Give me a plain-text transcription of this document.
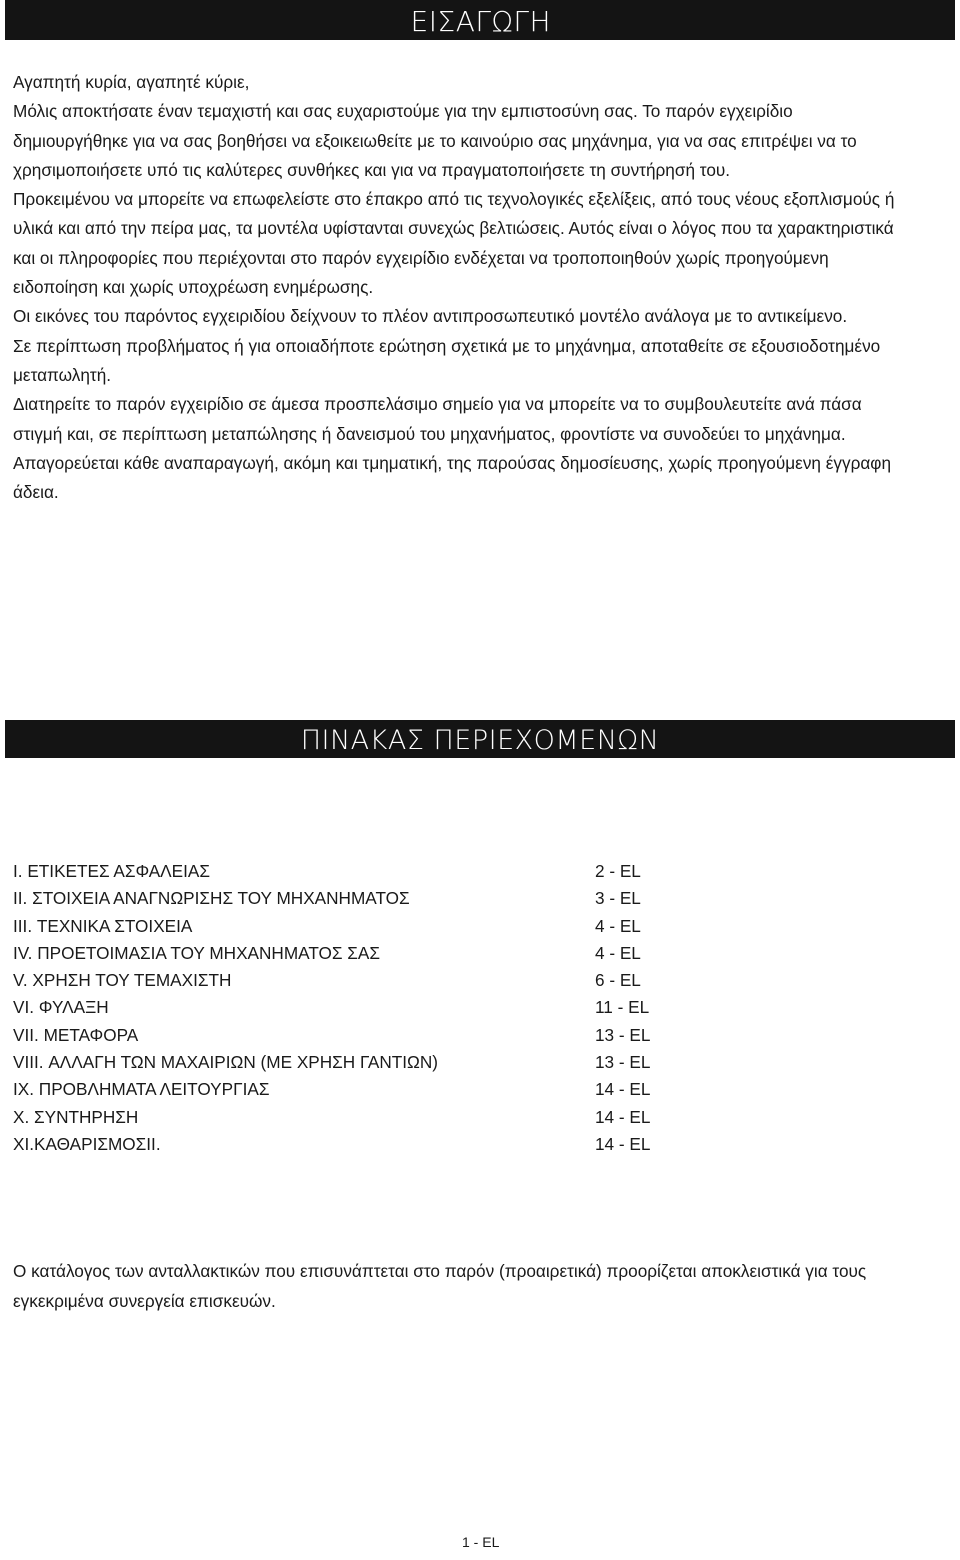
ΕΙΣΑΓΩΓΗ

Αγαπητή κυρία, αγαπητέ κύριε,

Μόλις αποκτήσατε έναν τεμαχιστή και σας ευχαριστούμε για την εμπιστοσύνη σας. Το παρόν εγχειρίδιο δημιουργήθηκε για να σας βοηθήσει να εξοικειωθείτε με το καινούριο σας μηχάνημα, για να σας επιτρέψει να το χρησιμοποιήσετε υπό τις καλύτερες συνθήκες και για να πραγματοποιήσετε τη συντήρησή του.

Προκειμένου να μπορείτε να επωφελείστε στο έπακρο από τις τεχνολογικές εξελίξεις, από τους νέους εξοπλισμούς ή υλικά και από την πείρα μας, τα μοντέλα υφίστανται συνεχώς βελτιώσεις. Αυτός είναι ο λόγος που τα χαρακτηριστικά και οι πληροφορίες που περιέχονται στο παρόν εγχειρίδιο ενδέχεται να τροποποιηθούν χωρίς προηγούμενη ειδοποίηση και χωρίς υποχρέωση ενημέρωσης.

Οι εικόνες του παρόντος εγχειριδίου δείχνουν το πλέον αντιπροσωπευτικό μοντέλο ανάλογα με το αντικείμενο.

Σε περίπτωση προβλήματος ή για οποιαδήποτε ερώτηση σχετικά με το μηχάνημα, αποταθείτε σε εξουσιοδοτημένο μεταπωλητή.

Διατηρείτε το παρόν εγχειρίδιο σε άμεσα προσπελάσιμο σημείο για να μπορείτε να το συμβουλευτείτε ανά πάσα στιγμή και, σε περίπτωση μεταπώλησης ή δανεισμού του μηχανήματος, φροντίστε να συνοδεύει το μηχάνημα.

Απαγορεύεται κάθε αναπαραγωγή, ακόμη και τμηματική, της παρούσας δημοσίευσης, χωρίς προηγούμενη έγγραφη άδεια.

ΠΙΝΑΚΑΣ ΠΕΡΙΕΧΟΜΕΝΩΝ
I. ΕΤΙΚΕΤΕΣ ΑΣΦΑΛΕΙΑΣ	2 - EL
II. ΣΤΟΙΧΕΙΑ ΑΝΑΓΝΩΡΙΣΗΣ ΤΟΥ ΜΗΧΑΝΗΜΑΤΟΣ	3 - EL
III. ΤΕΧΝΙΚΑ ΣΤΟΙΧΕΙΑ	4 - EL
IV. ΠΡΟΕΤΟΙΜΑΣΙΑ ΤΟΥ ΜΗΧΑΝΗΜΑΤΟΣ ΣΑΣ	4 - EL
V. ΧΡΗΣΗ ΤΟΥ ΤΕΜΑΧΙΣΤΗ	6 - EL
VI. ΦΥΛΑΞΗ	11 - EL
VII. ΜΕΤΑΦΟΡΑ	13 - EL
VIII. ΑΛΛΑΓΗ ΤΩΝ ΜΑΧΑΙΡΙΩΝ (ΜΕ ΧΡΗΣΗ ΓΑΝΤΙΩΝ)	13 - EL
IX. ΠΡΟΒΛΗΜΑΤΑ ΛΕΙΤΟΥΡΓΙΑΣ	14 - EL
X. ΣΥΝΤΗΡΗΣΗ	14 - EL
XI.ΚΑΘΑΡΙΣΜΟΣII.	14 - EL

Ο κατάλογος των ανταλλακτικών που επισυνάπτεται στο παρόν (προαιρετικά) προορίζεται αποκλειστικά για τους εγκεκριμένα συνεργεία επισκευών.

1 - EL
